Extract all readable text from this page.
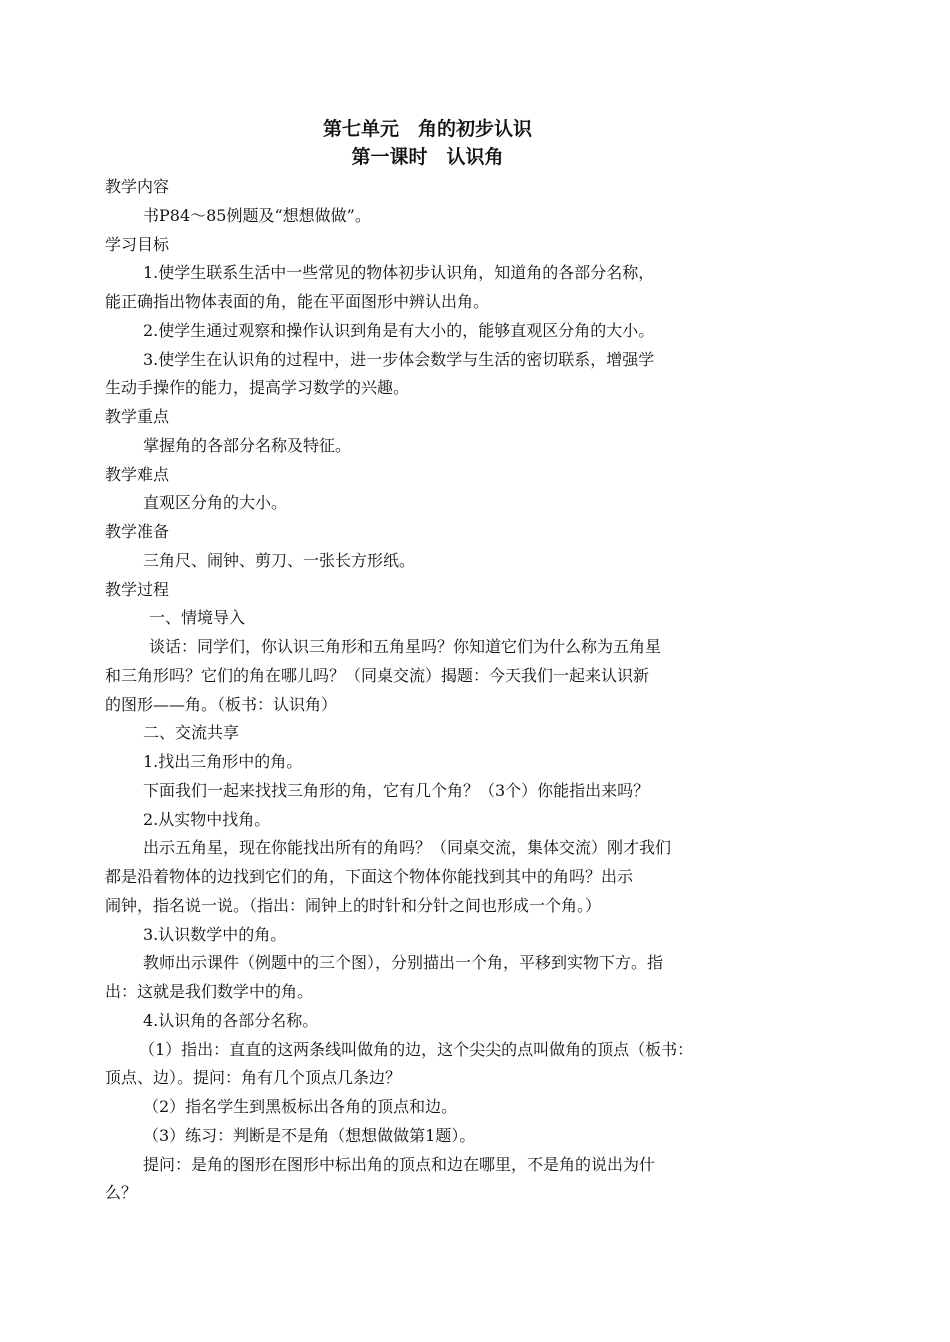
第七单元　角的初步认识
第一课时　认识角
教学内容
书P84～85例题及“想想做做”。
学习目标
1.使学生联系生活中一些常见的物体初步认识角，知道角的各部分名称，
能正确指出物体表面的角，能在平面图形中辨认出角。
2.使学生通过观察和操作认识到角是有大小的，能够直观区分角的大小。
3.使学生在认识角的过程中，进一步体会数学与生活的密切联系，增强学
生动手操作的能力，提高学习数学的兴趣。
教学重点
掌握角的各部分名称及特征。
教学难点
直观区分角的大小。
教学准备
三角尺、闹钟、剪刀、一张长方形纸。
教学过程
一、情境导入
谈话：同学们，你认识三角形和五角星吗？你知道它们为什么称为五角星
和三角形吗？它们的角在哪儿吗？（同桌交流）揭题：今天我们一起来认识新
的图形——角。（板书：认识角）
二、交流共享
1.找出三角形中的角。
下面我们一起来找找三角形的角，它有几个角？（3个）你能指出来吗？
2.从实物中找角。
出示五角星，现在你能找出所有的角吗？（同桌交流，集体交流）刚才我们
都是沿着物体的边找到它们的角，下面这个物体你能找到其中的角吗？出示
闹钟，指名说一说。（指出：闹钟上的时针和分针之间也形成一个角。）
3.认识数学中的角。
教师出示课件（例题中的三个图），分别描出一个角，平移到实物下方。指
出：这就是我们数学中的角。
4.认识角的各部分名称。
（1）指出：直直的这两条线叫做角的边，这个尖尖的点叫做角的顶点（板书：
顶点、边）。提问：角有几个顶点几条边？
（2）指名学生到黑板标出各角的顶点和边。
（3）练习：判断是不是角（想想做做第1题）。
提问：是角的图形在图形中标出角的顶点和边在哪里，不是角的说出为什
么？
